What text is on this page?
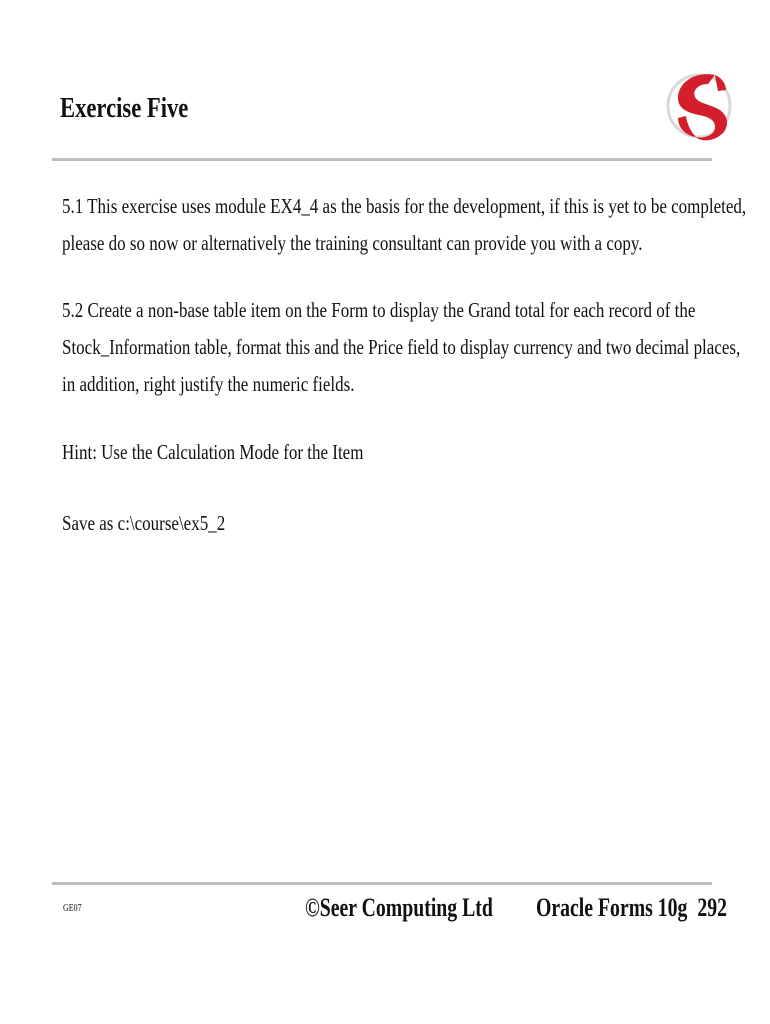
Exercise Five
5.1 This exercise uses module EX4_4 as the basis for the development, if this is yet to be completed,
please do so now or alternatively the training consultant can provide you with a copy.
5.2 Create a non-base table item on the Form to display the Grand total for each record of the
Stock_Information table, format this and the Price field to display currency and two decimal places,
in addition, right justify the numeric fields.
Hint: Use the Calculation Mode for the Item
Save as c:\course\ex5_2
GE07	©Seer Computing Ltd Oracle Forms 10g 292
